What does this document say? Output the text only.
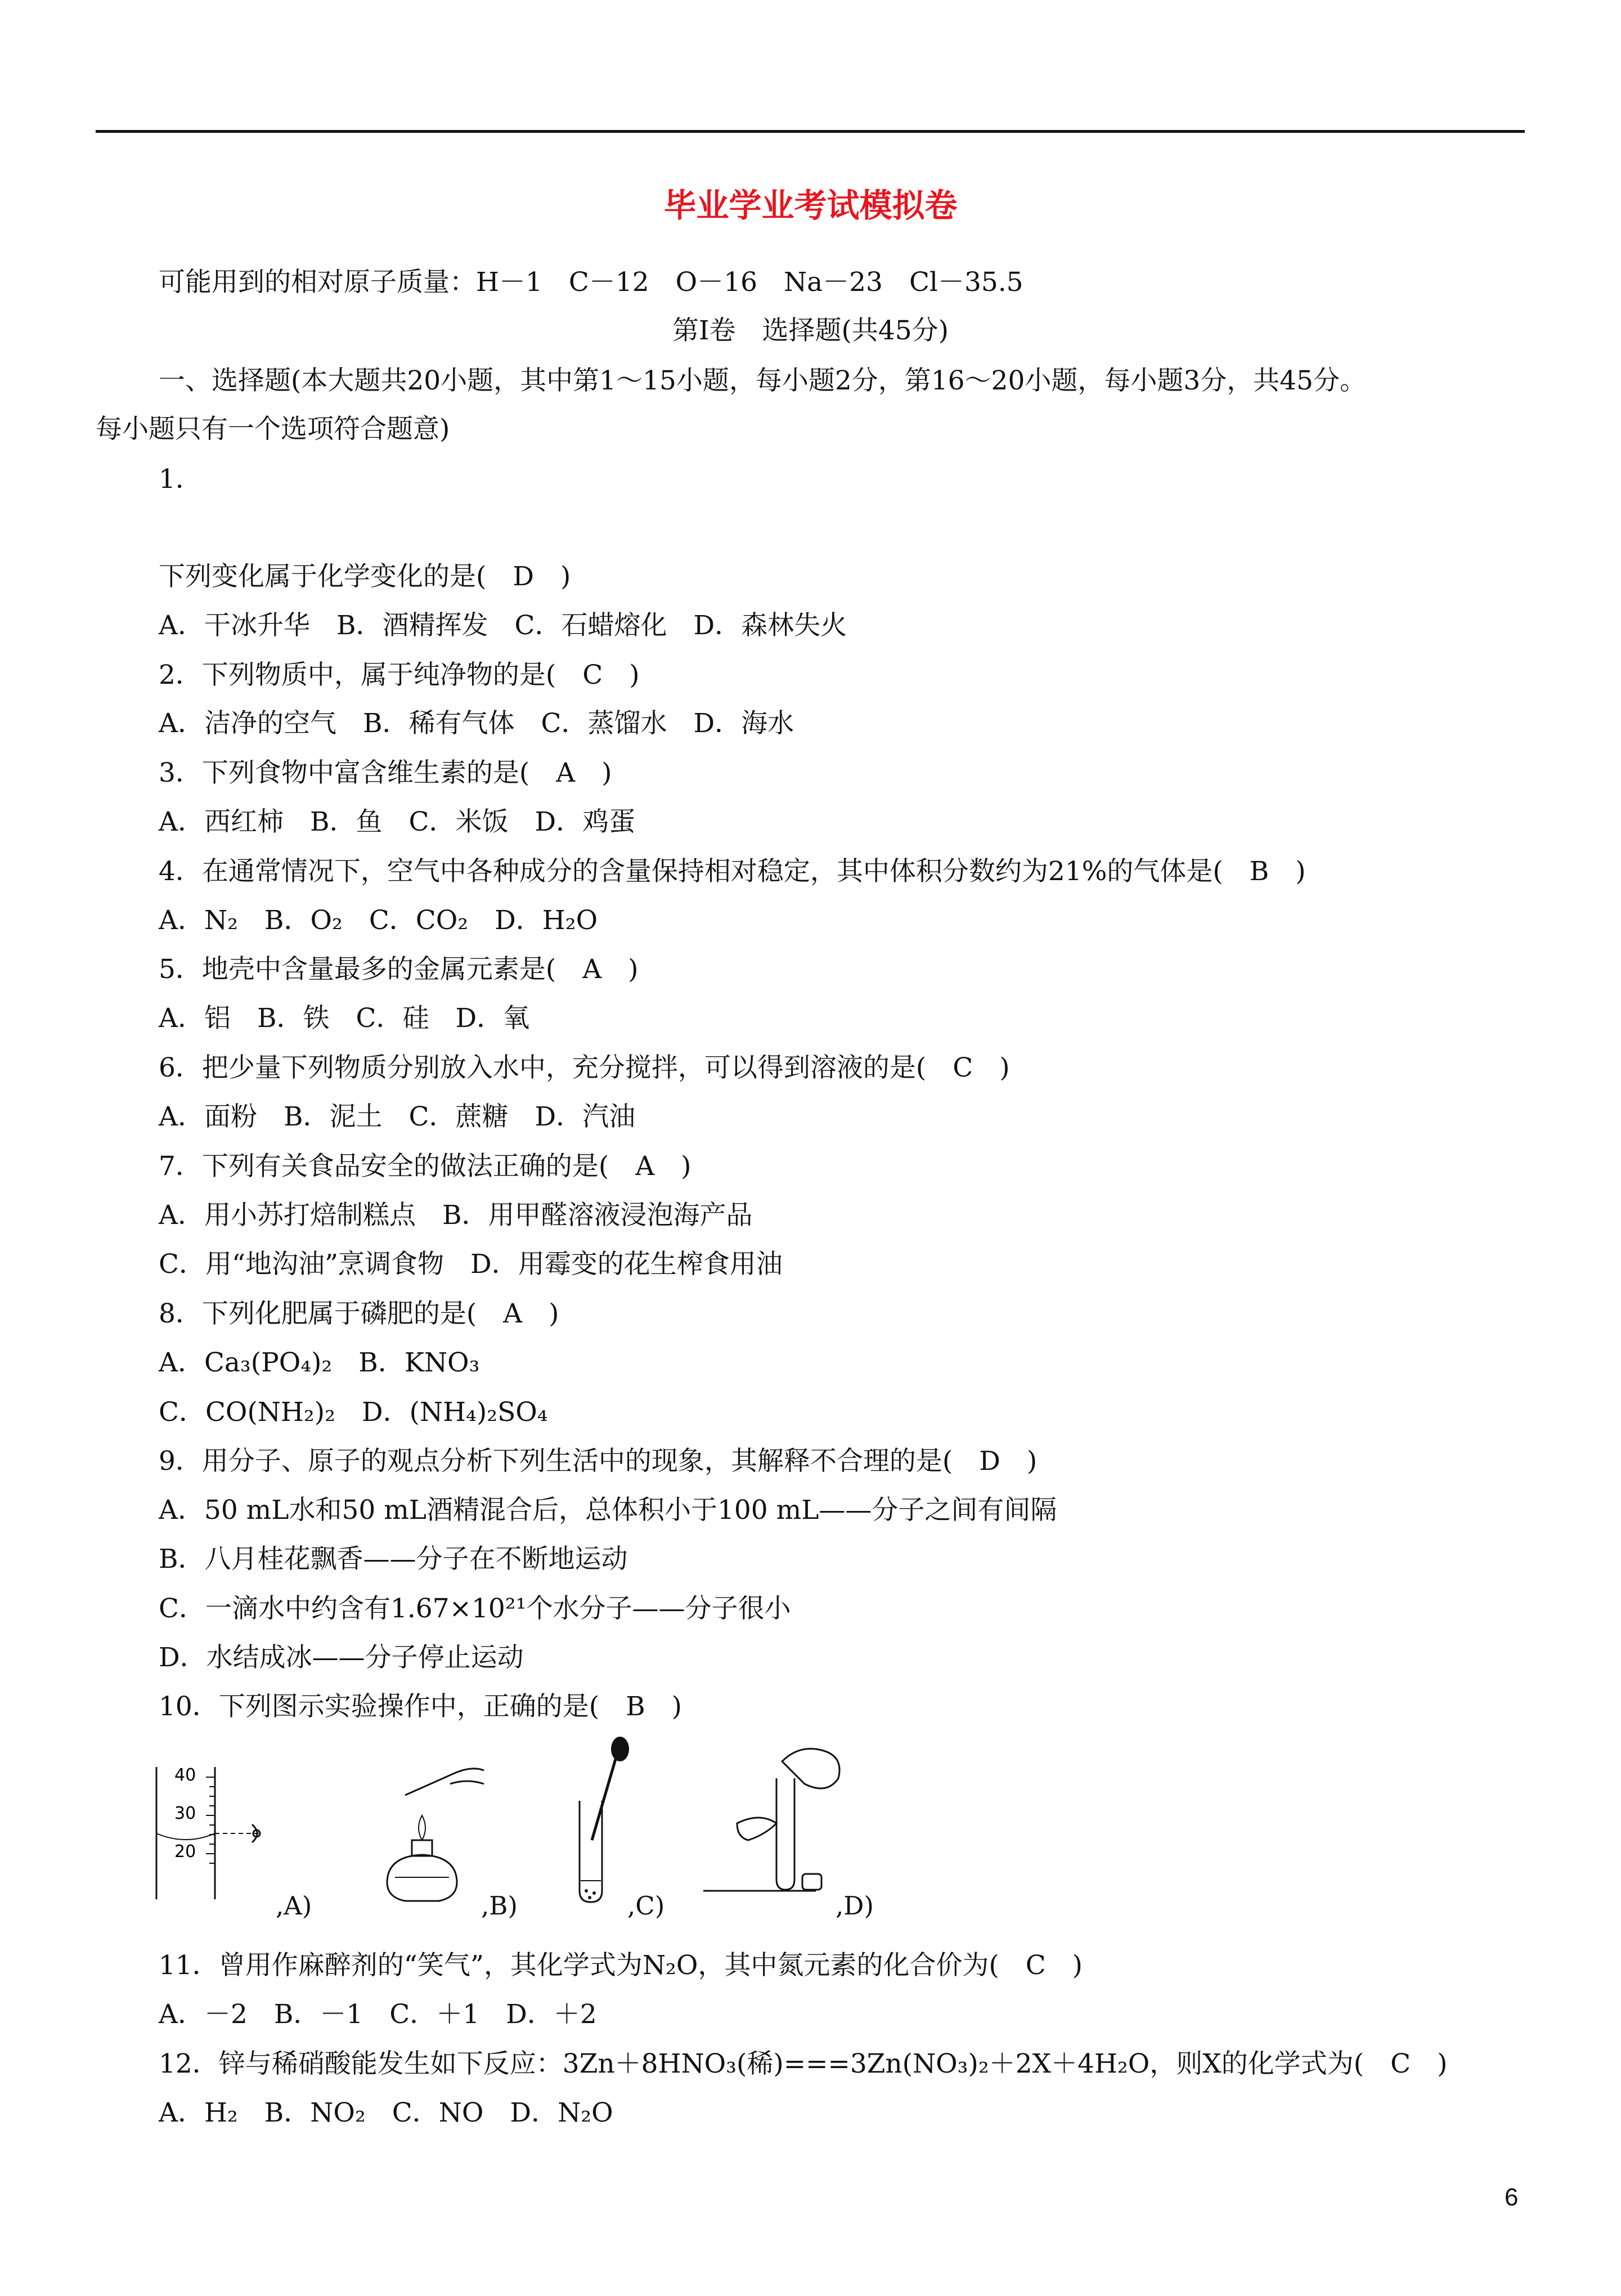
毕业学业考试模拟卷
可能用到的相对原子质量：H－1　C－12　O－16　Na－23　Cl－35.5
第Ⅰ卷　选择题(共45分)
一、选择题(本大题共20小题，其中第1～15小题，每小题2分，第16～20小题，每小题3分，共45分。
每小题只有一个选项符合题意)
1．
下列变化属于化学变化的是(　D　)
A．干冰升华　B．酒精挥发　C．石蜡熔化　D．森林失火
2．下列物质中，属于纯净物的是(　C　)
A．洁净的空气　B．稀有气体　C．蒸馏水　D．海水
3．下列食物中富含维生素的是(　A　)
A．西红柿　B．鱼　C．米饭　D．鸡蛋
4．在通常情况下，空气中各种成分的含量保持相对稳定，其中体积分数约为21%的气体是(　B　)
A．N₂　B．O₂　C．CO₂　D．H₂O
5．地壳中含量最多的金属元素是(　A　)
A．铝　B．铁　C．硅　D．氧
6．把少量下列物质分别放入水中，充分搅拌，可以得到溶液的是(　C　)
A．面粉　B．泥土　C．蔗糖　D．汽油
7．下列有关食品安全的做法正确的是(　A　)
A．用小苏打焙制糕点　B．用甲醛溶液浸泡海产品
C．用“地沟油”烹调食物　D．用霉变的花生榨食用油
8．下列化肥属于磷肥的是(　A　)
A．Ca₃(PO₄)₂　B．KNO₃
C．CO(NH₂)₂　D．(NH₄)₂SO₄
9．用分子、原子的观点分析下列生活中的现象，其解释不合理的是(　D　)
A．50 mL水和50 mL酒精混合后，总体积小于100 mL——分子之间有间隔
B．八月桂花飘香——分子在不断地运动
C．一滴水中约含有1.67×10²¹个水分子——分子很小
D．水结成冰——分子停止运动
10．下列图示实验操作中，正确的是(　B　)
40
30
20
,A)	,B)	,C)	,D)
11．曾用作麻醉剂的“笑气”，其化学式为N₂O，其中氮元素的化合价为(　C　)
A．－2　B．－1　C．＋1　D．＋2
12．锌与稀硝酸能发生如下反应：3Zn＋8HNO₃(稀)===3Zn(NO₃)₂＋2X＋4H₂O，则X的化学式为(　C　)
A．H₂　B．NO₂　C．NO　D．N₂O
6
